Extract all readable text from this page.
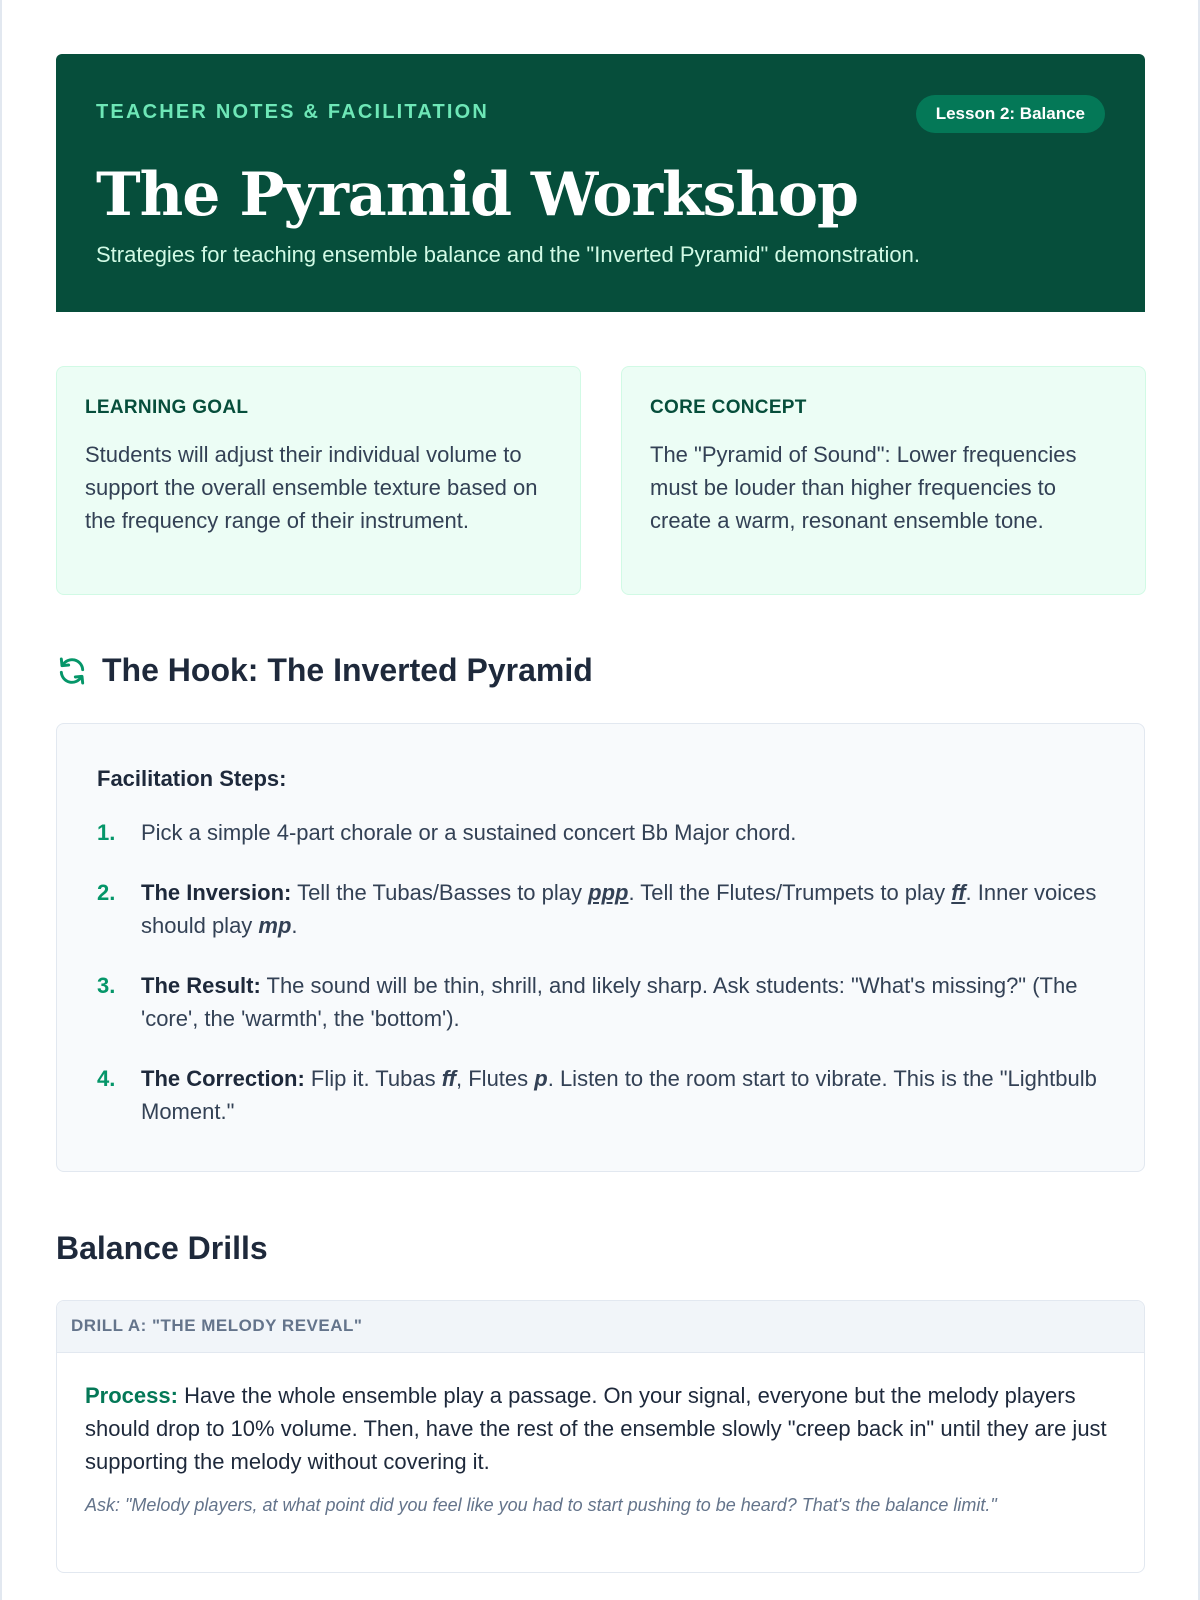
TEACHER NOTES & FACILITATION	Lesson 2: Balance
The Pyramid Workshop

Strategies for teaching ensemble balance and the "Inverted Pyramid" demonstration.

LEARNING GOAL

Students will adjust their individual volume to support the overall ensemble texture based on the frequency range of their instrument.

CORE CONCEPT

The "Pyramid of Sound": Lower frequencies must be louder than higher frequencies to create a warm, resonant ensemble tone.

The Hook: The Inverted Pyramid
Facilitation Steps:
1.	Pick a simple 4-part chorale or a sustained concert Bb Major chord.
2.	The Inversion: Tell the Tubas/Basses to play ppp. Tell the Flutes/Trumpets to play ff. Inner voices should play mp.
3.	The Result: The sound will be thin, shrill, and likely sharp. Ask students: "What's missing?" (The 'core', the 'warmth', the 'bottom').
4.	The Correction: Flip it. Tubas ff, Flutes p. Listen to the room start to vibrate. This is the "Lightbulb Moment."
Balance Drills
DRILL A: "THE MELODY REVEAL"

Process: Have the whole ensemble play a passage. On your signal, everyone but the melody players should drop to 10% volume. Then, have the rest of the ensemble slowly "creep back in" until they are just supporting the melody without covering it.

Ask: "Melody players, at what point did you feel like you had to start pushing to be heard? That's the balance limit."
